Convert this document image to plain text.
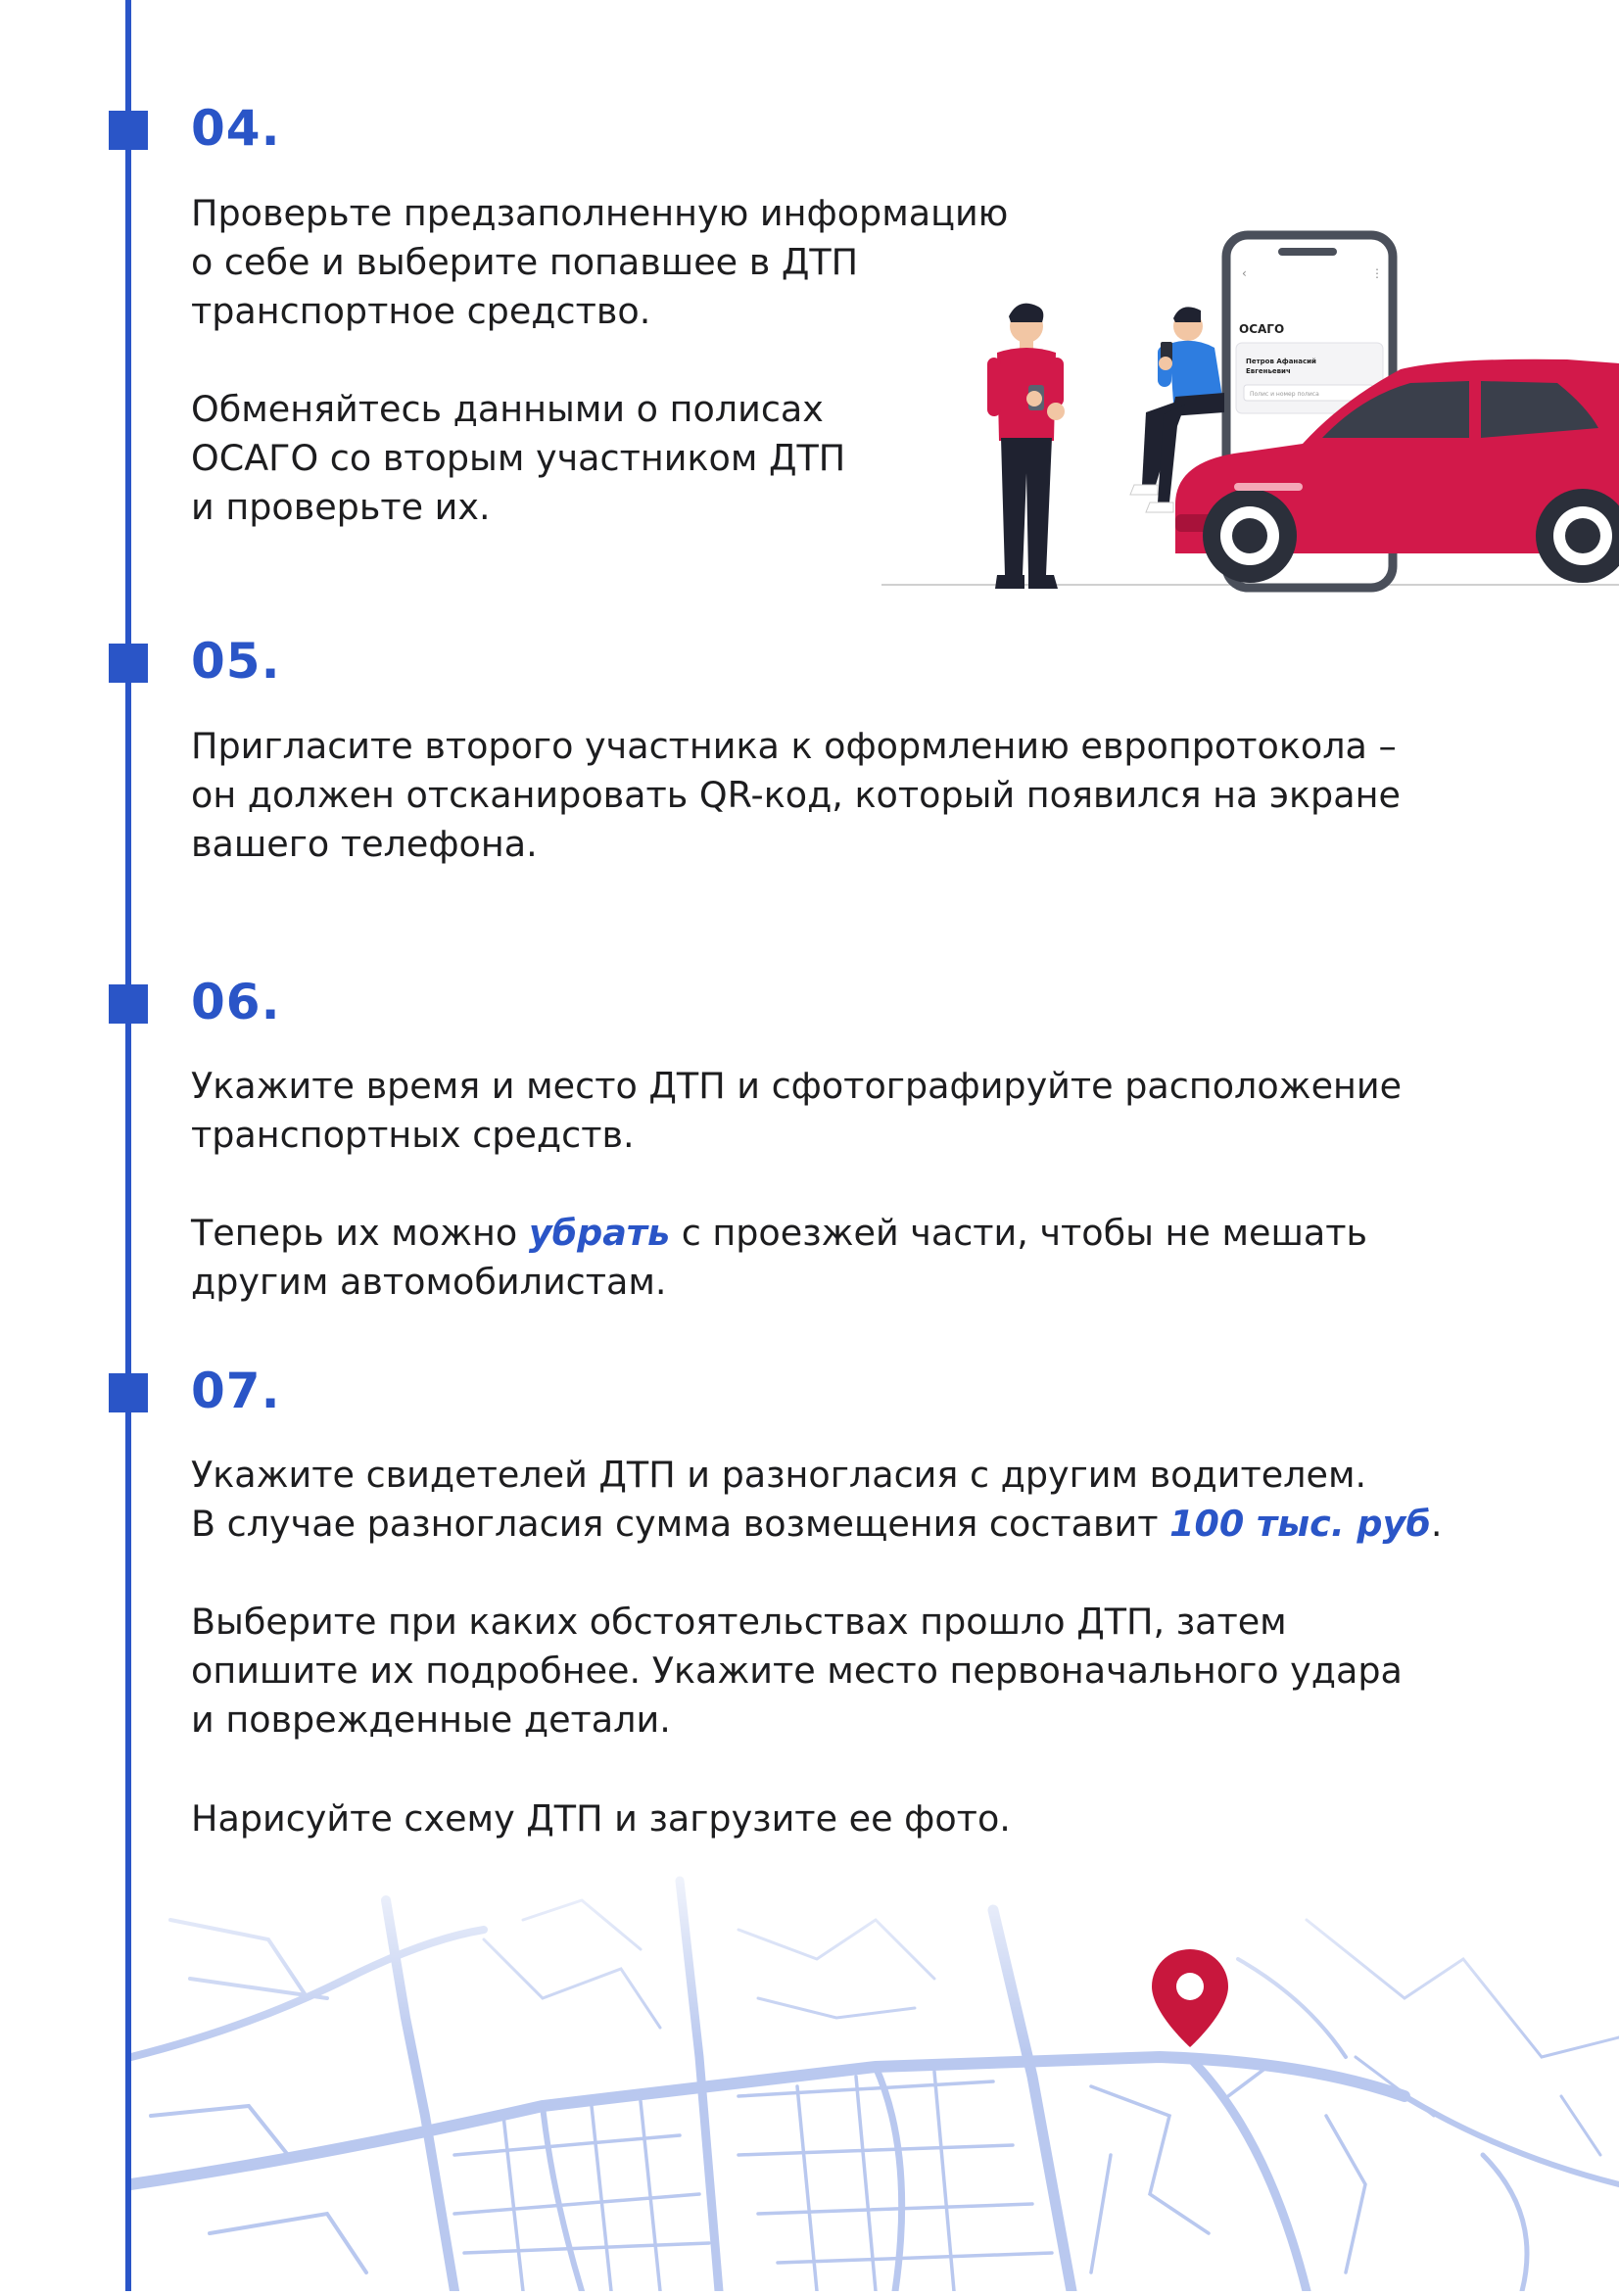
04.

Проверьте предзаполненную информацию
о себе и выберите попавшее в ДТП
транспортное средство.

Обменяйтесь данными о полисах
ОСАГО со вторым участником ДТП
и проверьте их.

‹	⋮
ОСАГО
Петров Афанасий
Евгеньевич
Полис и номер полиса
05.

Пригласите второго участника к оформлению европротокола –
он должен отсканировать QR-код, который появился на экране
вашего телефона.

06.

Укажите время и место ДТП и сфотографируйте расположение
транспортных средств.

Теперь их можно убрать с проезжей части, чтобы не мешать
другим автомобилистам.

07.

Укажите свидетелей ДТП и разногласия с другим водителем.
В случае разногласия сумма возмещения составит 100 тыс. руб.

Выберите при каких обстоятельствах прошло ДТП, затем
опишите их подробнее. Укажите место первоначального удара
и поврежденные детали.

Нарисуйте схему ДТП и загрузите ее фото.
